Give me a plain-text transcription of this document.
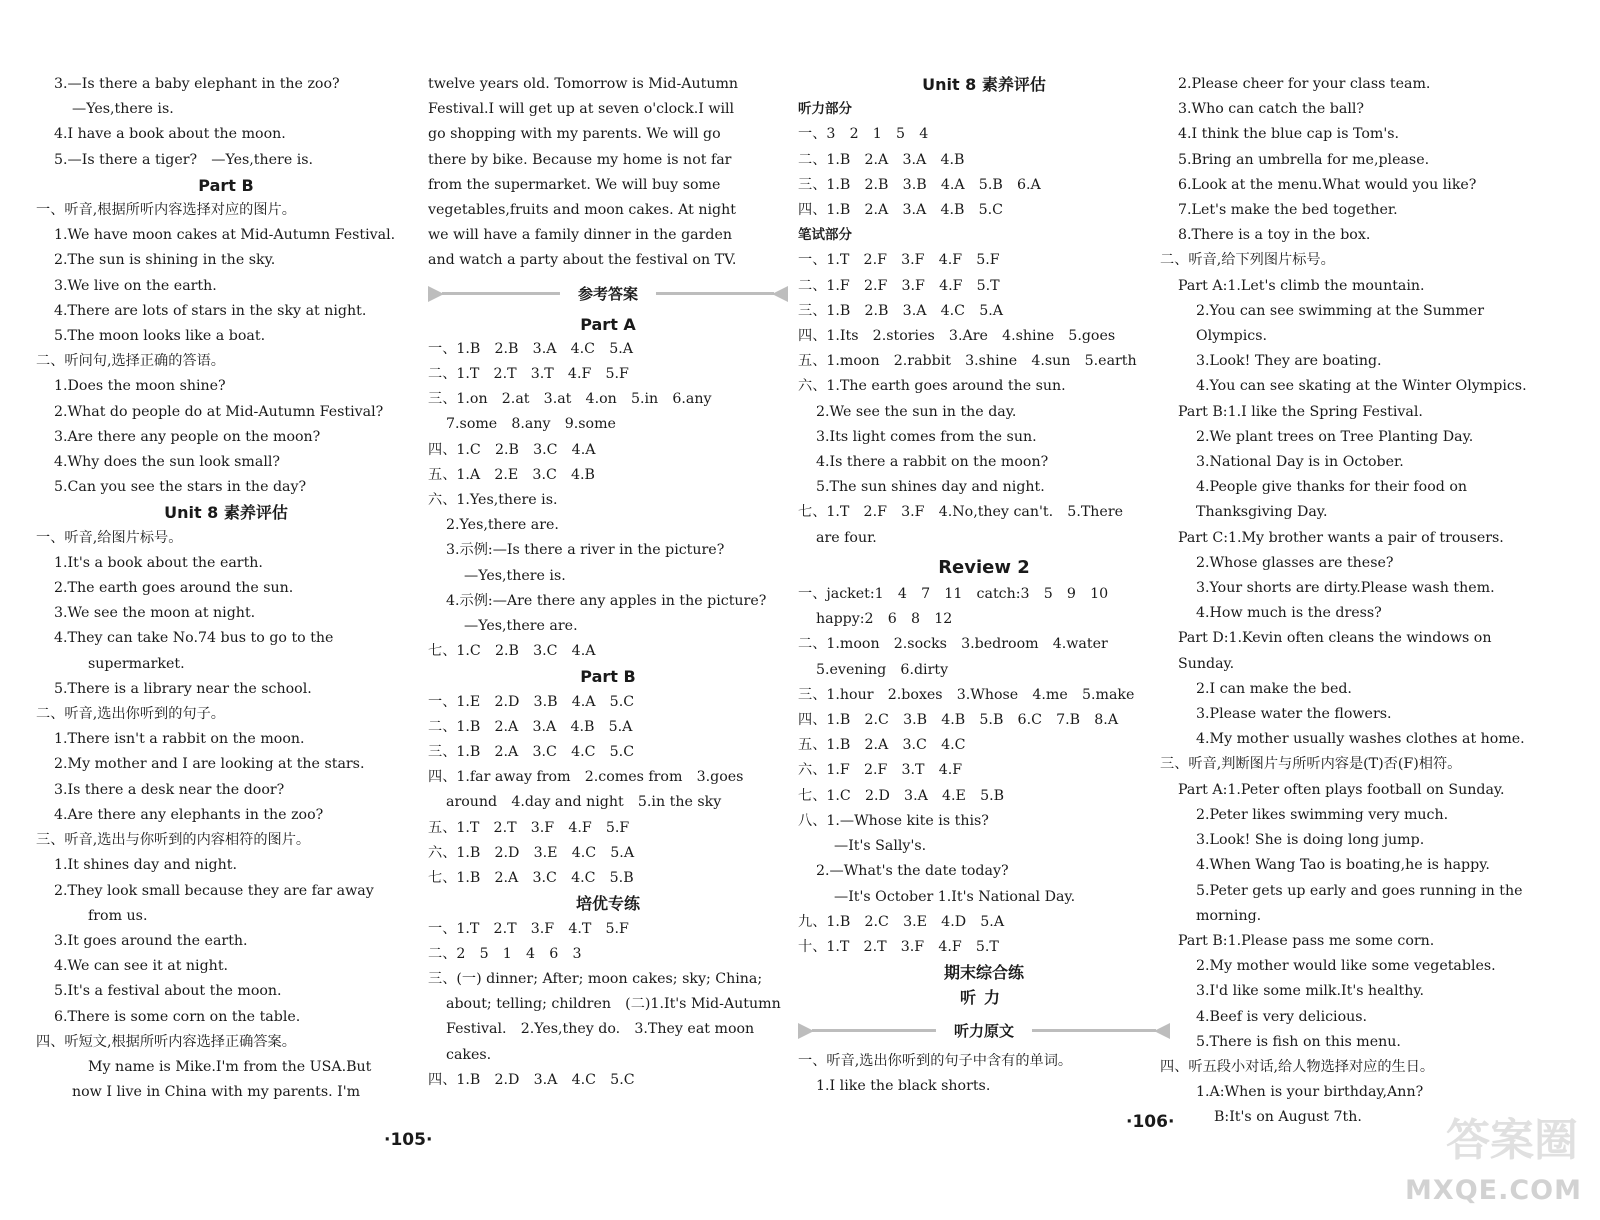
3.—Is there a baby elephant in the zoo?
—Yes,there is.
4.I have a book about the moon.
5.—Is there a tiger?　—Yes,there is.
Part B
一、听音,根据所听内容选择对应的图片。
1.We have moon cakes at Mid-Autumn Festival.
2.The sun is shining in the sky.
3.We live on the earth.
4.There are lots of stars in the sky at night.
5.The moon looks like a boat.
二、听问句,选择正确的答语。
1.Does the moon shine?
2.What do people do at Mid-Autumn Festival?
3.Are there any people on the moon?
4.Why does the sun look small?
5.Can you see the stars in the day?
Unit 8 素养评估
一、听音,给图片标号。
1.It's a book about the earth.
2.The earth goes around the sun.
3.We see the moon at night.
4.They can take No.74 bus to go to the
supermarket.
5.There is a library near the school.
二、听音,选出你听到的句子。
1.There isn't a rabbit on the moon.
2.My mother and I are looking at the stars.
3.Is there a desk near the door?
4.Are there any elephants in the zoo?
三、听音,选出与你听到的内容相符的图片。
1.It shines day and night.
2.They look small because they are far away
from us.
3.It goes around the earth.
4.We can see it at night.
5.It's a festival about the moon.
6.There is some corn on the table.
四、听短文,根据所听内容选择正确答案。
My name is Mike.I'm from the USA.But
now I live in China with my parents. I'm
twelve years old. Tomorrow is Mid-Autumn
Festival.I will get up at seven o'clock.I will
go shopping with my parents. We will go
there by bike. Because my home is not far
from the supermarket. We will buy some
vegetables,fruits and moon cakes. At night
we will have a family dinner in the garden
and watch a party about the festival on TV.
参考答案
Part A
一、1.B　2.B　3.A　4.C　5.A
二、1.T　2.T　3.T　4.F　5.F
三、1.on　2.at　3.at　4.on　5.in　6.any
7.some　8.any　9.some
四、1.C　2.B　3.C　4.A
五、1.A　2.E　3.C　4.B
六、1.Yes,there is.
2.Yes,there are.
3.示例:—Is there a river in the picture?
—Yes,there is.
4.示例:—Are there any apples in the picture?
—Yes,there are.
七、1.C　2.B　3.C　4.A
Part B
一、1.E　2.D　3.B　4.A　5.C
二、1.B　2.A　3.A　4.B　5.A
三、1.B　2.A　3.C　4.C　5.C
四、1.far away from　2.comes from　3.goes
around　4.day and night　5.in the sky
五、1.T　2.T　3.F　4.F　5.F
六、1.B　2.D　3.E　4.C　5.A
七、1.B　2.A　3.C　4.C　5.B
培优专练
一、1.T　2.T　3.F　4.T　5.F
二、2　5　1　4　6　3
三、(一) dinner; After; moon cakes; sky; China;
about; telling; children　(二)1.It's Mid-Autumn
Festival.　2.Yes,they do.　3.They eat moon
cakes.
四、1.B　2.D　3.A　4.C　5.C
Unit 8 素养评估
听力部分
一、3　2　1　5　4
二、1.B　2.A　3.A　4.B
三、1.B　2.B　3.B　4.A　5.B　6.A
四、1.B　2.A　3.A　4.B　5.C
笔试部分
一、1.T　2.F　3.F　4.F　5.F
二、1.F　2.F　3.F　4.F　5.T
三、1.B　2.B　3.A　4.C　5.A
四、1.Its　2.stories　3.Are　4.shine　5.goes
五、1.moon　2.rabbit　3.shine　4.sun　5.earth
六、1.The earth goes around the sun.
2.We see the sun in the day.
3.Its light comes from the sun.
4.Is there a rabbit on the moon?
5.The sun shines day and night.
七、1.T　2.F　3.F　4.No,they can't.　5.There
are four.
Review 2
一、jacket:1　4　7　11　catch:3　5　9　10
happy:2　6　8　12
二、1.moon　2.socks　3.bedroom　4.water
5.evening　6.dirty
三、1.hour　2.boxes　3.Whose　4.me　5.make
四、1.B　2.C　3.B　4.B　5.B　6.C　7.B　8.A
五、1.B　2.A　3.C　4.C
六、1.F　2.F　3.T　4.F
七、1.C　2.D　3.A　4.E　5.B
八、1.—Whose kite is this?
—It's Sally's.
2.—What's the date today?
—It's October 1.It's National Day.
九、1.B　2.C　3.E　4.D　5.A
十、1.T　2.T　3.F　4.F　5.T
期末综合练
听力
听力原文
一、听音,选出你听到的句子中含有的单词。
1.I like the black shorts.
2.Please cheer for your class team.
3.Who can catch the ball?
4.I think the blue cap is Tom's.
5.Bring an umbrella for me,please.
6.Look at the menu.What would you like?
7.Let's make the bed together.
8.There is a toy in the box.
二、听音,给下列图片标号。
Part A:1.Let's climb the mountain.
2.You can see swimming at the Summer
Olympics.
3.Look! They are boating.
4.You can see skating at the Winter Olympics.
Part B:1.I like the Spring Festival.
2.We plant trees on Tree Planting Day.
3.National Day is in October.
4.People give thanks for their food on
Thanksgiving Day.
Part C:1.My brother wants a pair of trousers.
2.Whose glasses are these?
3.Your shorts are dirty.Please wash them.
4.How much is the dress?
Part D:1.Kevin often cleans the windows on
Sunday.
2.I can make the bed.
3.Please water the flowers.
4.My mother usually washes clothes at home.
三、听音,判断图片与所听内容是(T)否(F)相符。
Part A:1.Peter often plays football on Sunday.
2.Peter likes swimming very much.
3.Look! She is doing long jump.
4.When Wang Tao is boating,he is happy.
5.Peter gets up early and goes running in the
morning.
Part B:1.Please pass me some corn.
2.My mother would like some vegetables.
3.I'd like some milk.It's healthy.
4.Beef is very delicious.
5.There is fish on this menu.
四、听五段小对话,给人物选择对应的生日。
1.A:When is your birthday,Ann?
B:It's on August 7th.
·105·
·106·	答案圈
MXQE.COM
